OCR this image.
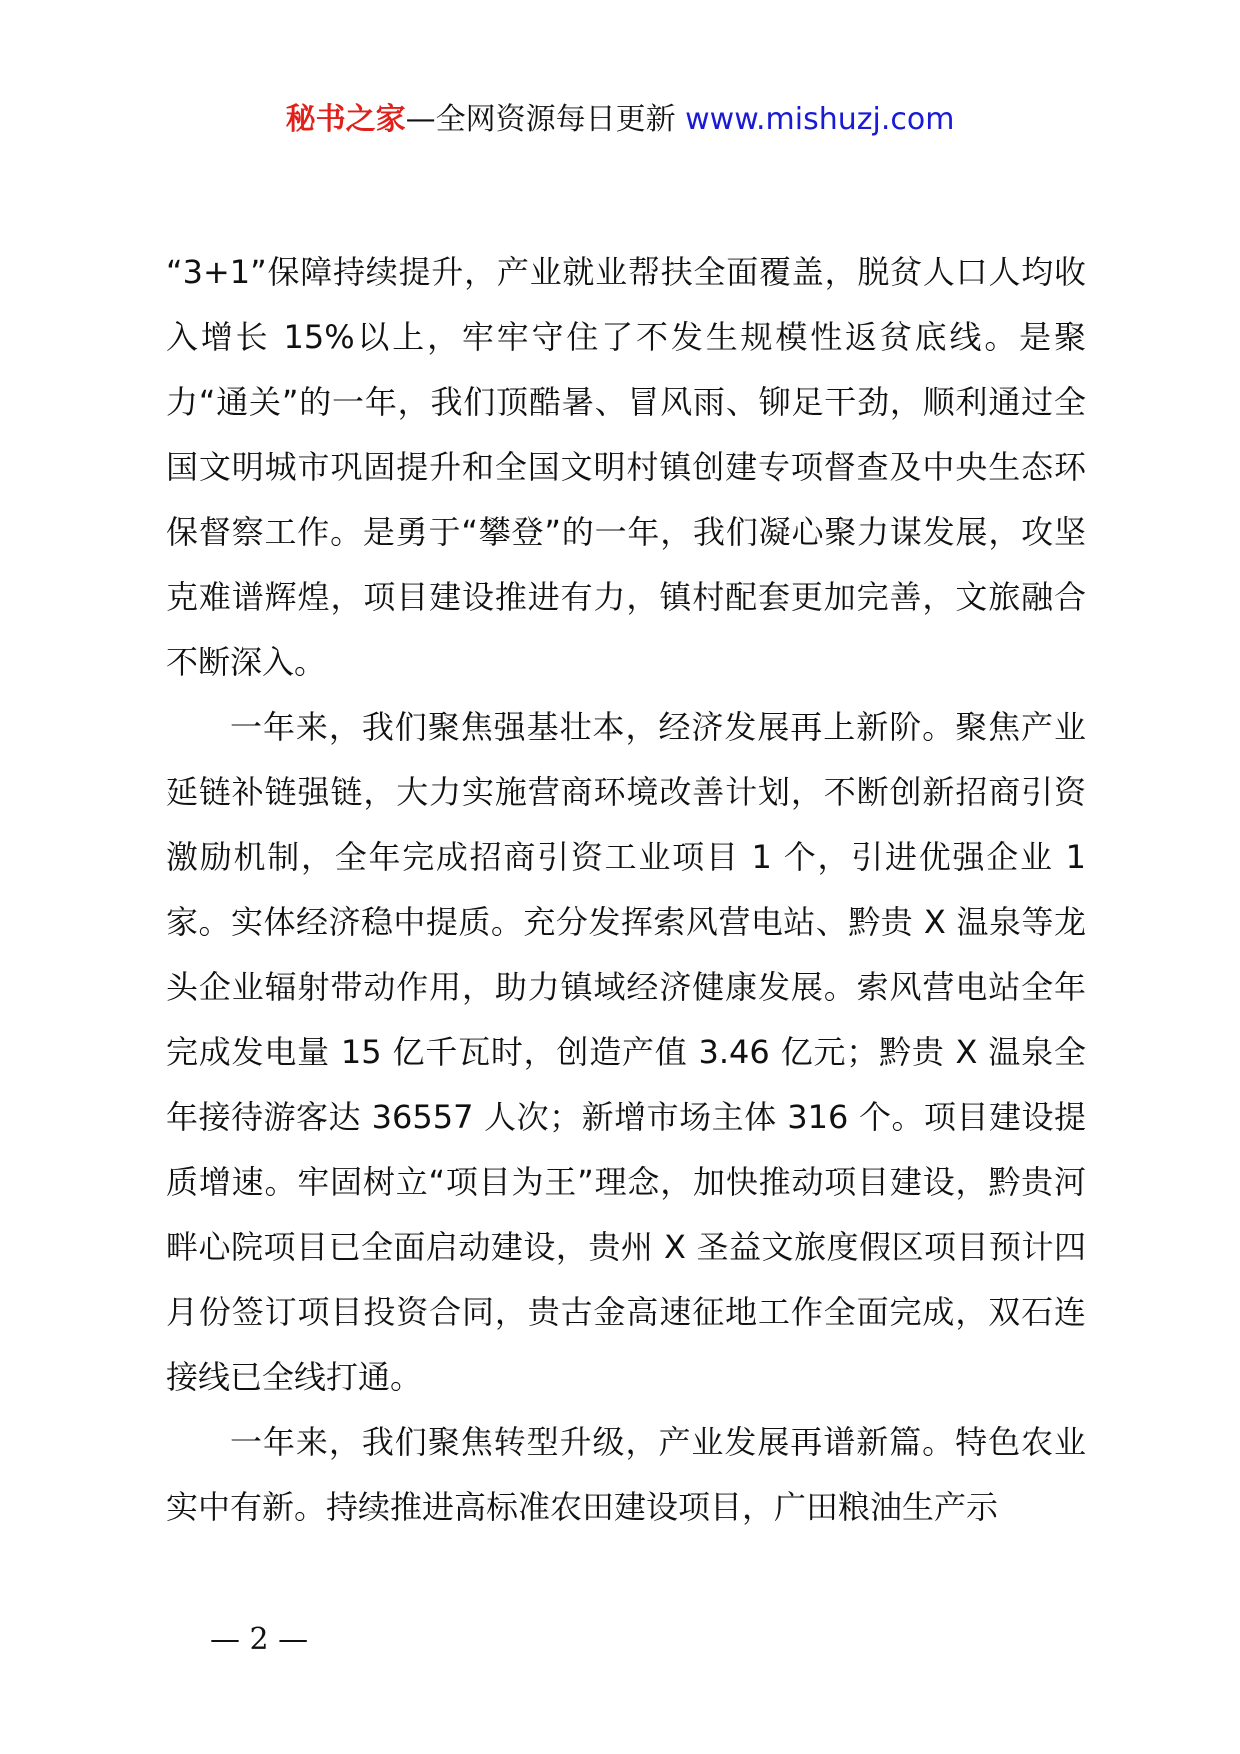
秘书之家—全网资源每日更新 www.mishuzj.com

“3+1”保障持续提升，产业就业帮扶全面覆盖，脱贫人口人均收入增长 15%以上，牢牢守住了不发生规模性返贫底线。是聚力“通关”的一年，我们顶酷暑、冒风雨、铆足干劲，顺利通过全国文明城市巩固提升和全国文明村镇创建专项督查及中央生态环保督察工作。是勇于“攀登”的一年，我们凝心聚力谋发展，攻坚克难谱辉煌，项目建设推进有力，镇村配套更加完善，文旅融合不断深入。

一年来，我们聚焦强基壮本，经济发展再上新阶。聚焦产业延链补链强链，大力实施营商环境改善计划，不断创新招商引资激励机制，全年完成招商引资工业项目 1 个，引进优强企业 1 家。实体经济稳中提质。充分发挥索风营电站、黔贵 X 温泉等龙头企业辐射带动作用，助力镇域经济健康发展。索风营电站全年完成发电量 15 亿千瓦时，创造产值 3.46 亿元；黔贵 X 温泉全年接待游客达 36557 人次；新增市场主体 316 个。项目建设提质增速。牢固树立“项目为王”理念，加快推动项目建设，黔贵河畔心院项目已全面启动建设，贵州 X 圣益文旅度假区项目预计四月份签订项目投资合同，贵古金高速征地工作全面完成，双石连接线已全线打通。

一年来，我们聚焦转型升级，产业发展再谱新篇。特色农业实中有新。持续推进高标准农田建设项目，广田粮油生产示

— 2 —
